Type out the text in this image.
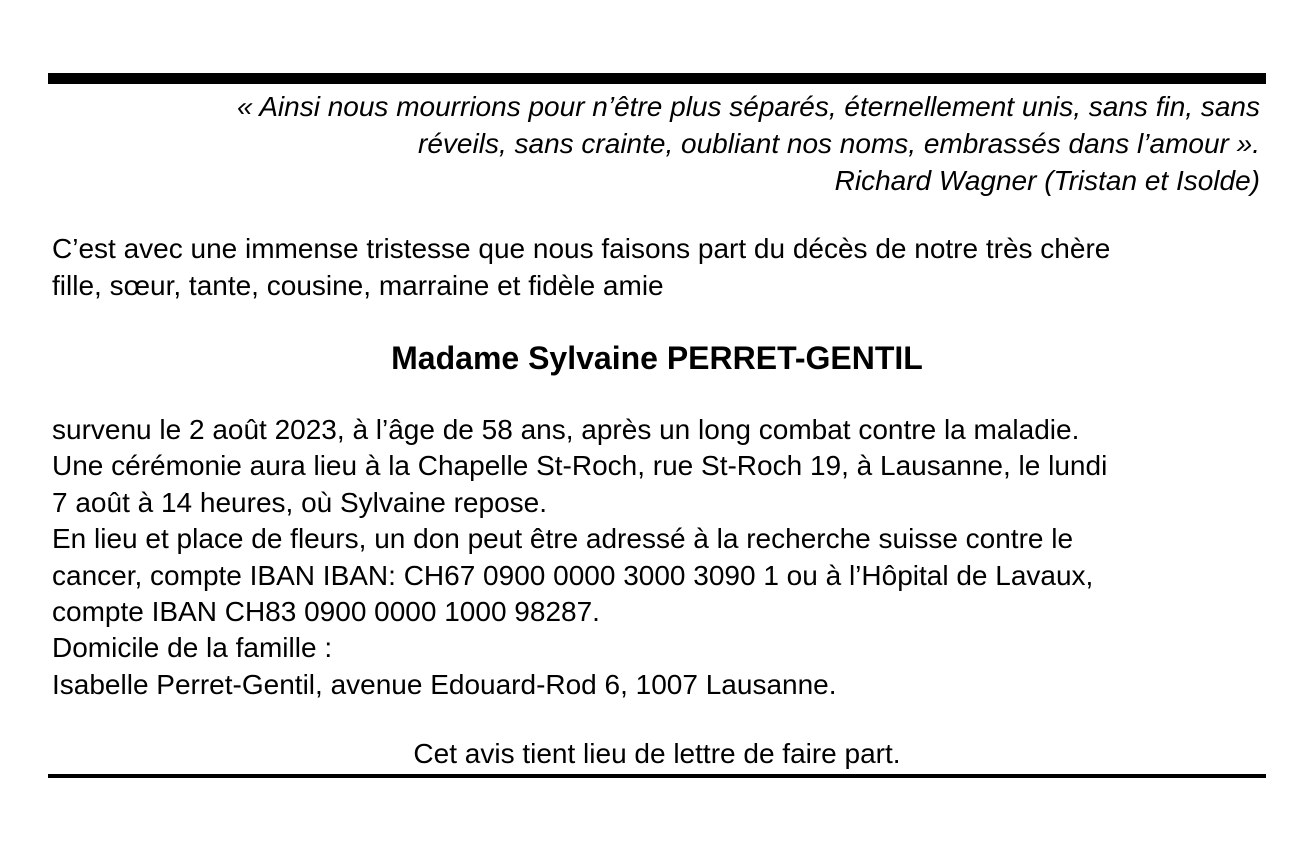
« Ainsi nous mourrions pour n’être plus séparés, éternellement unis, sans fin, sans
réveils, sans crainte, oubliant nos noms, embrassés dans l’amour ».
Richard Wagner (Tristan et Isolde)
C’est avec une immense tristesse que nous faisons part du décès de notre très chère
fille, sœur, tante, cousine, marraine et fidèle amie
Madame Sylvaine PERRET-GENTIL
survenu le 2 août 2023, à l’âge de 58 ans, après un long combat contre la maladie.
Une cérémonie aura lieu à la Chapelle St-Roch, rue St-Roch 19, à Lausanne, le lundi
7 août à 14 heures, où Sylvaine repose.
En lieu et place de fleurs, un don peut être adressé à la recherche suisse contre le
cancer, compte IBAN IBAN: CH67 0900 0000 3000 3090 1 ou à l’Hôpital de Lavaux,
compte IBAN CH83 0900 0000 1000 98287.
Domicile de la famille :
Isabelle Perret-Gentil, avenue Edouard-Rod 6, 1007 Lausanne.
Cet avis tient lieu de lettre de faire part.
